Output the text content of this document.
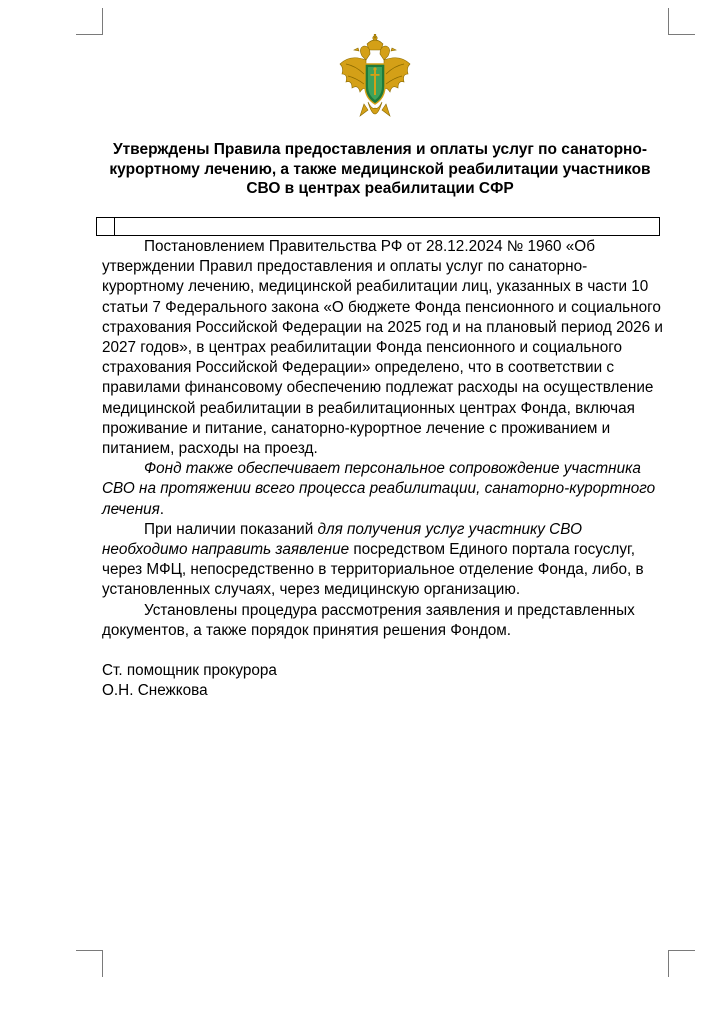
Утверждены Правила предоставления и оплаты услуг по санаторно-курортному лечению, а также медицинской реабилитации участников СВО в центрах реабилитации СФР

Постановлением Правительства РФ от 28.12.2024 № 1960 «Об утверждении Правил предоставления и оплаты услуг по санаторно-курортному лечению, медицинской реабилитации лиц, указанных в части 10 статьи 7 Федерального закона «О бюджете Фонда пенсионного и социального страхования Российской Федерации на 2025 год и на плановый период 2026 и 2027 годов», в центрах реабилитации Фонда пенсионного и социального страхования Российской Федерации» определено, что в соответствии с правилами финансовому обеспечению подлежат расходы на осуществление медицинской реабилитации в реабилитационных центрах Фонда, включая проживание и питание, санаторно-курортное лечение с проживанием и питанием, расходы на проезд.

Фонд также обеспечивает персональное сопровождение участника СВО на протяжении всего процесса реабилитации, санаторно-курортного лечения.

При наличии показаний для получения услуг участнику СВО необходимо направить заявление посредством Единого портала госуслуг, через МФЦ, непосредственно в территориальное отделение Фонда, либо, в установленных случаях, через медицинскую организацию.

Установлены процедура рассмотрения заявления и представленных документов, а также порядок принятия решения Фондом.

Ст. помощник прокурора
О.Н. Снежкова
